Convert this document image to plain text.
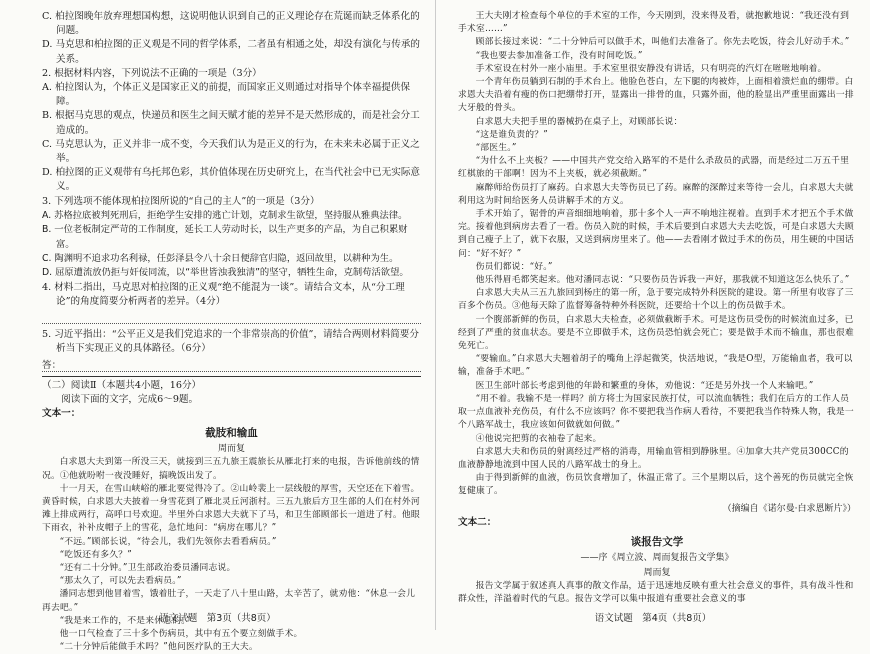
C. 柏拉图晚年放弃理想国构想，这说明他认识到自己的正义理论存在荒诞而缺乏体系化的问题。

D. 马克思和柏拉图的正义观是不同的哲学体系，二者虽有相通之处，却没有演化与传承的关系。

2. 根据材料内容，下列说法不正确的一项是（3分）

A. 柏拉图认为，个体正义是国家正义的前提，而国家正义则通过对指导个体幸福提供保障。

B. 根据马克思的观点，快递员和医生之间天赋才能的差异不是天然形成的，而是社会分工造成的。

C. 马克思认为，正义并非一成不变，今天我们认为是正义的行为，在未来未必属于正义之举。

D. 柏拉图的正义观带有乌托邦色彩，其价值体现在历史研究上，在当代社会中已无实际意义。

3. 下列选项不能体现柏拉图所说的“自己的主人”的一项是（3分）

A. 苏格拉底被判死刑后，拒绝学生安排的逃亡计划，克制求生欲望，坚持服从雅典法律。

B. 一位老板制定严苛的工作制度，延长工人劳动时长，以生产更多的产品，为自己积累财富。

C. 陶渊明不追求功名利禄，任彭泽县令八十余日便辞官归隐，返回故里，以耕种为生。

D. 屈原遭流放仍拒与奸佞同流，以“举世皆浊我独清”的坚守，牺牲生命，克制苟活欲望。

4. 材料二指出，马克思对柏拉图的正义观“绝不能混为一谈”。请结合文本，从“分工理论”的角度简要分析两者的差异。（4分）

5. 习近平指出：“公平正义是我们党追求的一个非常崇高的价值”，请结合两则材料简要分析当下实现正义的具体路径。（6分）

答：

（二）阅读Ⅱ（本题共4小题，16分）

阅读下面的文字，完成6～9题。

文本一：

截肢和输血

周而复

白求恩大夫到第一所没三天，就接到三五九旅王震旅长从雁北打来的电报，告诉他前线的情况。①他就吩咐一夜没睡好，搞晚饭出发了。

十一月天，在雪山峡峪的雁北要觉得冷了。②山岭裴上一层线般的厚雪，天空还在下着雪。黄昏时候，白求恩大夫披着一身雪花到了雁北灵丘河浙村。三五九旅后方卫生部的人们在村外河滩上排成两行，高呼口号欢迎。半里外白求恩大夫就下了马，和卫生部顾部长一道进了村。他眼下雨衣，补补皮帽子上的雪花，急忙地问：“病房在哪儿？”

“不远。”顾部长说，“待会儿，我们先领你去看看病员。”

“吃饭还有多久？”

“还有二十分钟。”卫生部政治委员潘同志说。

“那太久了，可以先去看病员。”

潘同志想到他冒着雪，饿着肚子，一天走了八十里山路，太辛苦了，就劝他：“休息一会儿再去吧。”

“我是来工作的，不是来休息的。”

他一口气检查了三十多个伤病员，其中有五个要立刻做手术。

“二十分钟后能做手术吗？”他问医疗队的王大夫。

语文试题　第3页（共8页）

王大夫刚才检查每个单位的手术室的工作，今天刚到，没来得及看，就抱歉地说：“我还没有到手术室……”

顾部长接过来说：“二十分钟后可以做手术，叫他们去准备了。你先去吃饭，待会儿好动手术。”

“我也要去参加准备工作，没有时间吃饭。”

手术室设在村外一座小庙里。手术室里很安静没有讲话，只有明亮的汽灯在咝咝地响着。

一个青年伤员躺到石制的手术台上。他脸色苍白，左下腿的肉被炸，上面相着溃烂血的绷带。白求恩大夫沿着有瘦的伤口把绷带打开，显露出一排骨的血，只露外面，他的脸显出严重里面露出一排大牙般的骨头。

白求恩大夫把手里的器械扔在桌子上，对顾部长说：

“这是谁负责的？”

“部医生。”

“为什么不上夹板？——中国共产党交给入路军的不是什么杀敌员的武器，而是经过二万五千里红棋旅的干部啊！因为不上夹板，就必须截断。”

麻醉师给伤员打了麻药。白求恩大夫等伤员已了药。麻醉的深醉过来等待一会儿，白求恩大夫就利用这为时间给医务人员讲解手术的方义。

手术开始了，锯骨的声音细细地响着，那十多个人一声不响地注视着。直到手术才把五个手术做完。接着他到病房去看了一看。伤员入院的时候，手术后要到白求恩大夫去吃饭，可是白求恩大夫顾到自己瘦子上了，就下衣服，又送到病房里来了。他——去看刚才做过手术的伤员，用生硬的中国话问：“好不好？”

伤员们都说：“好。”

他乐得眉毛都笑起来。他对潘同志说：“只要伤员告诉我一声好，那我就不知道这怎么快乐了。”

白求恩大夫从三五九旅回到杨庄的第一所，急于要完成特外科医院的建设。第一所里有收容了三百多个伤员。③他每天除了监督筹备特种外科医院，还要给十个以上的伤员做手术。

一个腹部新鲜的伤员，白求恩大夫检查，必须做截断手术。可是这伤员受伤的时候流血过多，已经到了严重的贫血状态。要是不立即做手术，这伤员恐怕就会死亡；要是做手术而不输血，那也很难免死亡。

“要输血。”白求恩大夫翘着胡子的嘴角上浮起微笑，快活地说，“我是O型，万能输血者，我可以输，准备手术吧。”

医卫生部叶部长考虑到他的年龄和繁重的身体，劝他说：“还是另外找一个人来输吧。”

“用不着。我输不是一样吗？前方将士为国家民族打仗，可以流血牺牲；我们在后方的工作人员取一点血液补充伤员，有什么不应该吗？你不要把我当作病人看待，不要把我当作特殊人物，我是一个八路军战士，我应该如何做就如何做。”

④他说完把剪的衣袖卷了起来。

白求恩大夫和伤员的射离经过严格的消毒，用输血管相到静脉里。④加拿大共产党员300CC的血液静静地流到中国人民的八路军战士的身上。

由于得到新鲜的血液，伤员饮食增加了，休温正常了。三个星期以后，这个善死的伤员就完全恢复健康了。

（摘编自《诺尔曼·白求恩断片》）

文本二：

谈报告文学

——序《周立波、周而复报告文学集》

周而复

报告文学属于叙述真人真事的散文作品，适于迅速地反映有重大社会意义的事件，具有战斗性和群众性，洋溢着时代的气息。报告文学可以集中报道有重要社会意义的事

语文试题　第4页（共8页）
